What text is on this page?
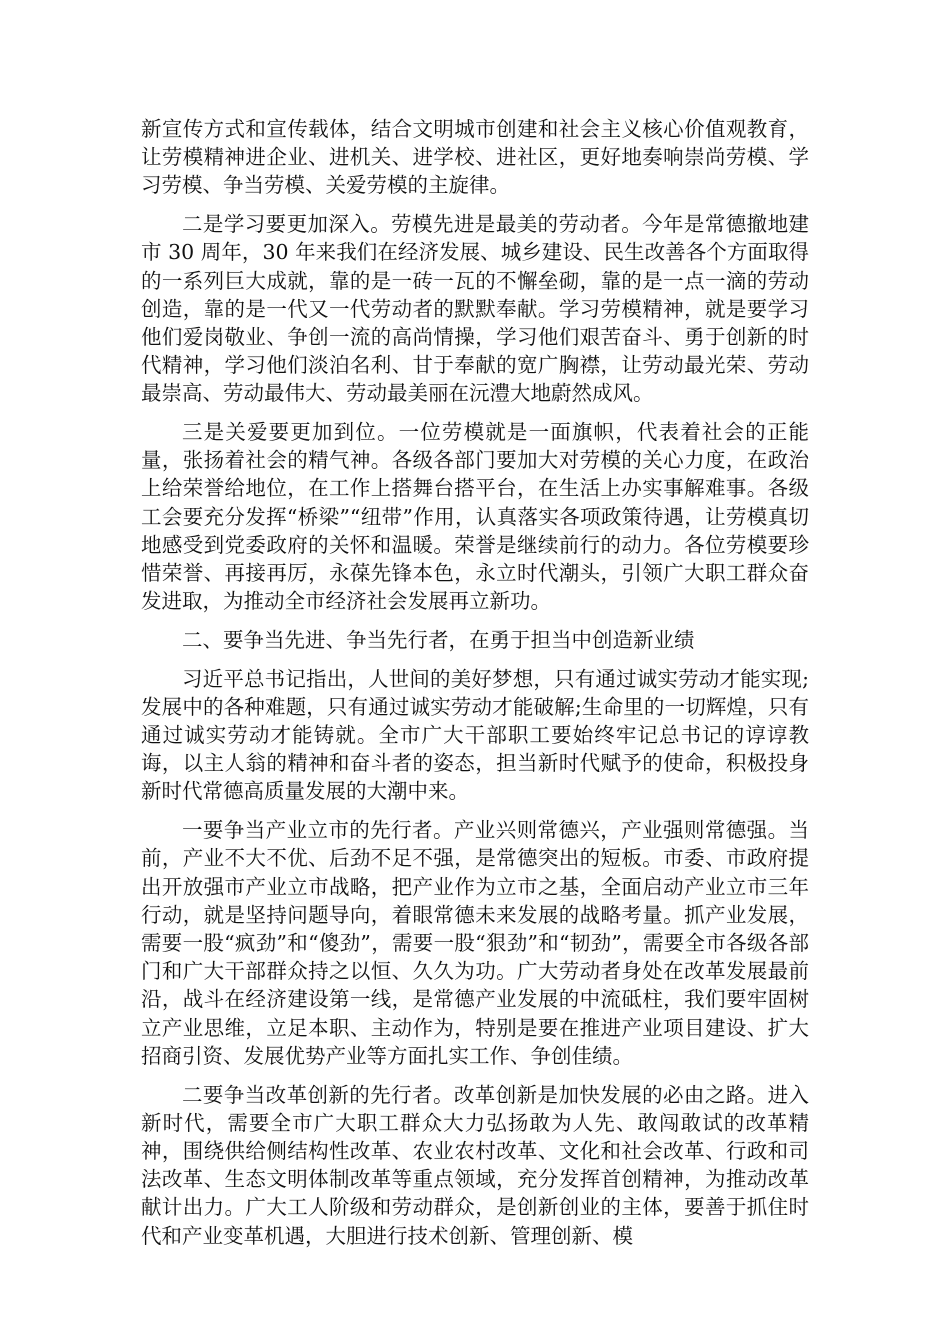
新宣传方式和宣传载体，结合文明城市创建和社会主义核心价值观教育，让劳模精神进企业、进机关、进学校、进社区，更好地奏响崇尚劳模、学习劳模、争当劳模、关爱劳模的主旋律。

二是学习要更加深入。劳模先进是最美的劳动者。今年是常德撤地建市 30 周年，30 年来我们在经济发展、城乡建设、民生改善各个方面取得的一系列巨大成就，靠的是一砖一瓦的不懈垒砌，靠的是一点一滴的劳动创造，靠的是一代又一代劳动者的默默奉献。学习劳模精神，就是要学习他们爱岗敬业、争创一流的高尚情操，学习他们艰苦奋斗、勇于创新的时代精神，学习他们淡泊名利、甘于奉献的宽广胸襟，让劳动最光荣、劳动最崇高、劳动最伟大、劳动最美丽在沅澧大地蔚然成风。

三是关爱要更加到位。一位劳模就是一面旗帜，代表着社会的正能量，张扬着社会的精气神。各级各部门要加大对劳模的关心力度，在政治上给荣誉给地位，在工作上搭舞台搭平台，在生活上办实事解难事。各级工会要充分发挥“桥梁”“纽带”作用，认真落实各项政策待遇，让劳模真切地感受到党委政府的关怀和温暖。荣誉是继续前行的动力。各位劳模要珍惜荣誉、再接再厉，永葆先锋本色，永立时代潮头，引领广大职工群众奋发进取，为推动全市经济社会发展再立新功。

二、要争当先进、争当先行者，在勇于担当中创造新业绩

习近平总书记指出，人世间的美好梦想，只有通过诚实劳动才能实现;发展中的各种难题，只有通过诚实劳动才能破解;生命里的一切辉煌，只有通过诚实劳动才能铸就。全市广大干部职工要始终牢记总书记的谆谆教诲，以主人翁的精神和奋斗者的姿态，担当新时代赋予的使命，积极投身新时代常德高质量发展的大潮中来。

一要争当产业立市的先行者。产业兴则常德兴，产业强则常德强。当前，产业不大不优、后劲不足不强，是常德突出的短板。市委、市政府提出开放强市产业立市战略，把产业作为立市之基，全面启动产业立市三年行动，就是坚持问题导向，着眼常德未来发展的战略考量。抓产业发展，需要一股“疯劲”和“傻劲”，需要一股“狠劲”和“韧劲”，需要全市各级各部门和广大干部群众持之以恒、久久为功。广大劳动者身处在改革发展最前沿，战斗在经济建设第一线，是常德产业发展的中流砥柱，我们要牢固树立产业思维，立足本职、主动作为，特别是要在推进产业项目建设、扩大招商引资、发展优势产业等方面扎实工作、争创佳绩。

二要争当改革创新的先行者。改革创新是加快发展的必由之路。进入新时代，需要全市广大职工群众大力弘扬敢为人先、敢闯敢试的改革精神，围绕供给侧结构性改革、农业农村改革、文化和社会改革、行政和司法改革、生态文明体制改革等重点领域，充分发挥首创精神，为推动改革献计出力。广大工人阶级和劳动群众，是创新创业的主体，要善于抓住时代和产业变革机遇，大胆进行技术创新、管理创新、模
